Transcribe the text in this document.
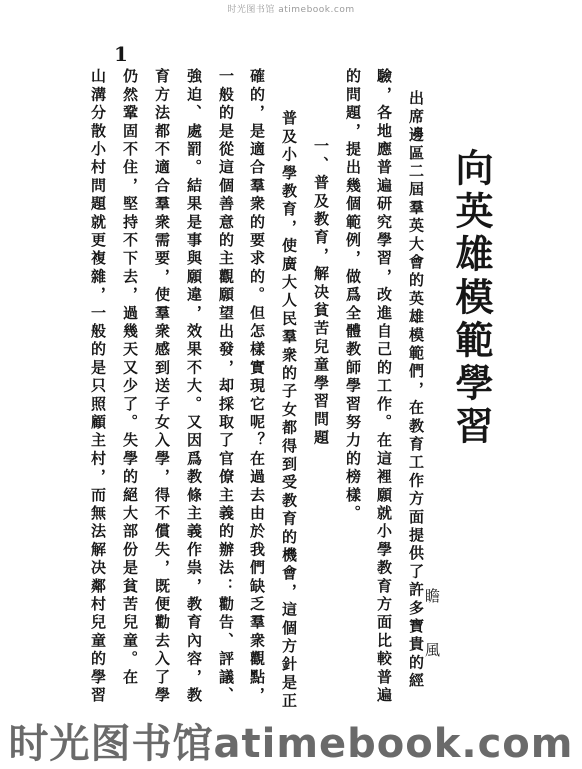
时光图书馆 atimebook.com
1
向英雄模範學習
瞻　風
出席邊區二屆羣英大會的英雄模範們，在教育工作方面提供了許多寶貴的經
驗，各地應普遍研究學習，改進自己的工作。在這裡願就小學教育方面比較普遍
的問題，提出幾個範例，做爲全體教師學習努力的榜樣。
一、普及教育，解决貧苦兒童學習問題
普及小學教育，使廣大人民羣衆的子女都得到受教育的機會，這個方針是正
確的，是適合羣衆的要求的。但怎樣實現它呢？在過去由於我們缺乏羣衆觀點，
一般的是從這個善意的主觀願望出發，却採取了官僚主義的辦法：勸告、評議、
強迫、處罰。結果是事與願違，效果不大。又因爲教條主義作祟，教育內容，教
育方法都不適合羣衆需要，使羣衆感到送子女入學，得不償失，既便勸去入了學
仍然鞏固不住，堅持不下去，過幾天又少了。失學的絕大部份是貧苦兒童。在
山溝分散小村問題就更複雜，一般的是只照顧主村，而無法解决鄰村兒童的學習
时光图书馆atimebook.com
